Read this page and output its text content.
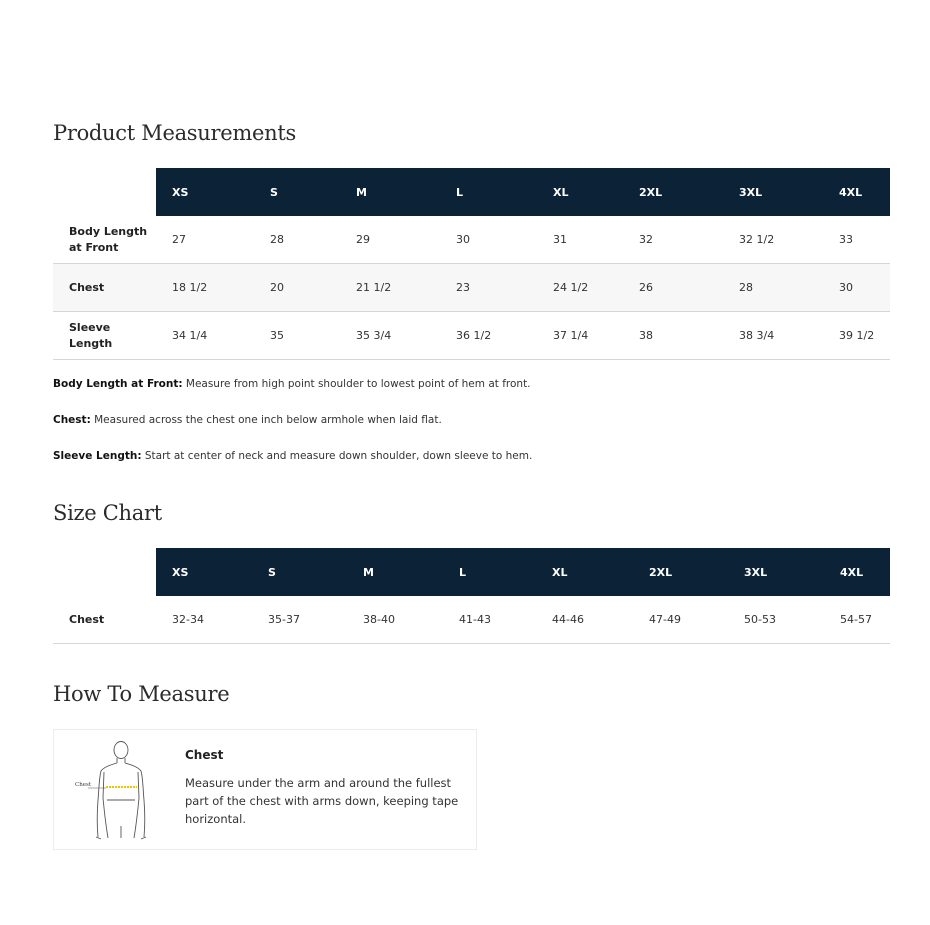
Product Measurements
	XS	S	M	L	XL	2XL	3XL	4XL
Body Length at Front	27	28	29	30	31	32	32 1/2	33
Chest	18 1/2	20	21 1/2	23	24 1/2	26	28	30
Sleeve Length	34 1/4	35	35 3/4	36 1/2	37 1/4	38	38 3/4	39 1/2

Body Length at Front: Measure from high point shoulder to lowest point of hem at front.

Chest: Measured across the chest one inch below armhole when laid flat.

Sleeve Length: Start at center of neck and measure down shoulder, down sleeve to hem.

Size Chart
	XS	S	M	L	XL	2XL	3XL	4XL
Chest	32-34	35-37	38-40	41-43	44-46	47-49	50-53	54-57
How To Measure
Chest
Chest
Measure under the arm and around the fullest part of the chest with arms down, keeping tape horizontal.
